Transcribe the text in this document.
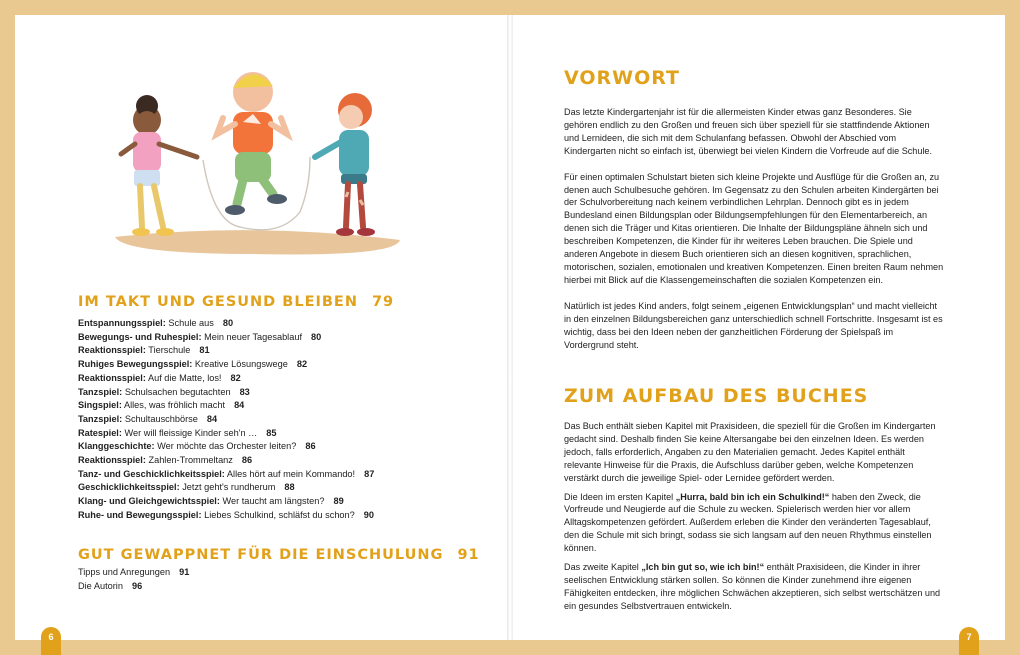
IM TAKT UND GESUND BLEIBEN 79
Entspannungsspiel: Schule aus 80
Bewegungs- und Ruhespiel: Mein neuer Tagesablauf 80
Reaktionsspiel: Tierschule 81
Ruhiges Bewegungsspiel: Kreative Lösungswege 82
Reaktionsspiel: Auf die Matte, los! 82
Tanzspiel: Schulsachen begutachten 83
Singspiel: Alles, was fröhlich macht 84
Tanzspiel: Schultauschbörse 84
Ratespiel: Wer will fleissige Kinder seh'n … 85
Klanggeschichte: Wer möchte das Orchester leiten? 86
Reaktionsspiel: Zahlen-Trommeltanz 86
Tanz- und Geschicklichkeitsspiel: Alles hört auf mein Kommando! 87
Geschicklichkeitsspiel: Jetzt geht's rundherum 88
Klang- und Gleichgewichtsspiel: Wer taucht am längsten? 89
Ruhe- und Bewegungsspiel: Liebes Schulkind, schläfst du schon? 90
GUT GEWAPPNET FÜR DIE EINSCHULUNG 91
Tipps und Anregungen 91
Die Autorin 96
VORWORT

Das letzte Kindergartenjahr ist für die allermeisten Kinder etwas ganz Besonderes. Sie gehören endlich zu den Großen und freuen sich über speziell für sie stattfindende Aktionen und Lernideen, die sich mit dem Schulanfang befassen. Obwohl der Abschied vom Kindergarten nicht so einfach ist, überwiegt bei vielen Kindern die Vorfreude auf die Schule.

Für einen optimalen Schulstart bieten sich kleine Projekte und Ausflüge für die Großen an, zu denen auch Schulbesuche gehören. Im Gegensatz zu den Schulen arbeiten Kindergärten bei der Schulvorbereitung nach keinem verbindlichen Lehrplan. Dennoch gibt es in jedem Bundesland einen Bildungsplan oder Bildungsempfehlungen für den Elementarbereich, an denen sich die Träger und Kitas orientieren. Die Inhalte der Bildungspläne ähneln sich und beschreiben Kompetenzen, die Kinder für ihr weiteres Leben brauchen. Die Spiele und anderen Angebote in diesem Buch orientieren sich an diesen kognitiven, sprachlichen, motorischen, sozialen, emotionalen und kreativen Kompetenzen. Einen breiten Raum nehmen hierbei mit Blick auf die Klassengemeinschaften die sozialen Kompetenzen ein.

Natürlich ist jedes Kind anders, folgt seinem „eigenen Entwicklungsplan“ und macht vielleicht in den einzelnen Bildungsbereichen ganz unterschiedlich schnell Fortschritte. Insgesamt ist es wichtig, dass bei den Ideen neben der ganzheitlichen Förderung der Spielspaß im Vordergrund steht.

ZUM AUFBAU DES BUCHES

Das Buch enthält sieben Kapitel mit Praxisideen, die speziell für die Großen im Kindergarten gedacht sind. Deshalb finden Sie keine Altersangabe bei den einzelnen Ideen. Es werden jedoch, falls erforderlich, Angaben zu den Materialien gemacht. Jedes Kapitel enthält relevante Hinweise für die Praxis, die Aufschluss darüber geben, welche Kompetenzen verstärkt durch die jeweilige Spiel- oder Lernidee gefördert werden.

Die Ideen im ersten Kapitel „Hurra, bald bin ich ein Schulkind!“ haben den Zweck, die Vorfreude und Neugierde auf die Schule zu wecken. Spielerisch werden hier vor allem Alltagskompetenzen gefördert. Außerdem erleben die Kinder den veränderten Tagesablauf, den die Schule mit sich bringt, sodass sie sich langsam auf den neuen Rhythmus einstellen können.

Das zweite Kapitel „Ich bin gut so, wie ich bin!“ enthält Praxisideen, die Kinder in ihrer seelischen Entwicklung stärken sollen. So können die Kinder zunehmend ihre eigenen Fähigkeiten entdecken, ihre möglichen Schwächen akzeptieren, sich selbst wertschätzen und ein gesundes Selbstvertrauen entwickeln.

6	7
